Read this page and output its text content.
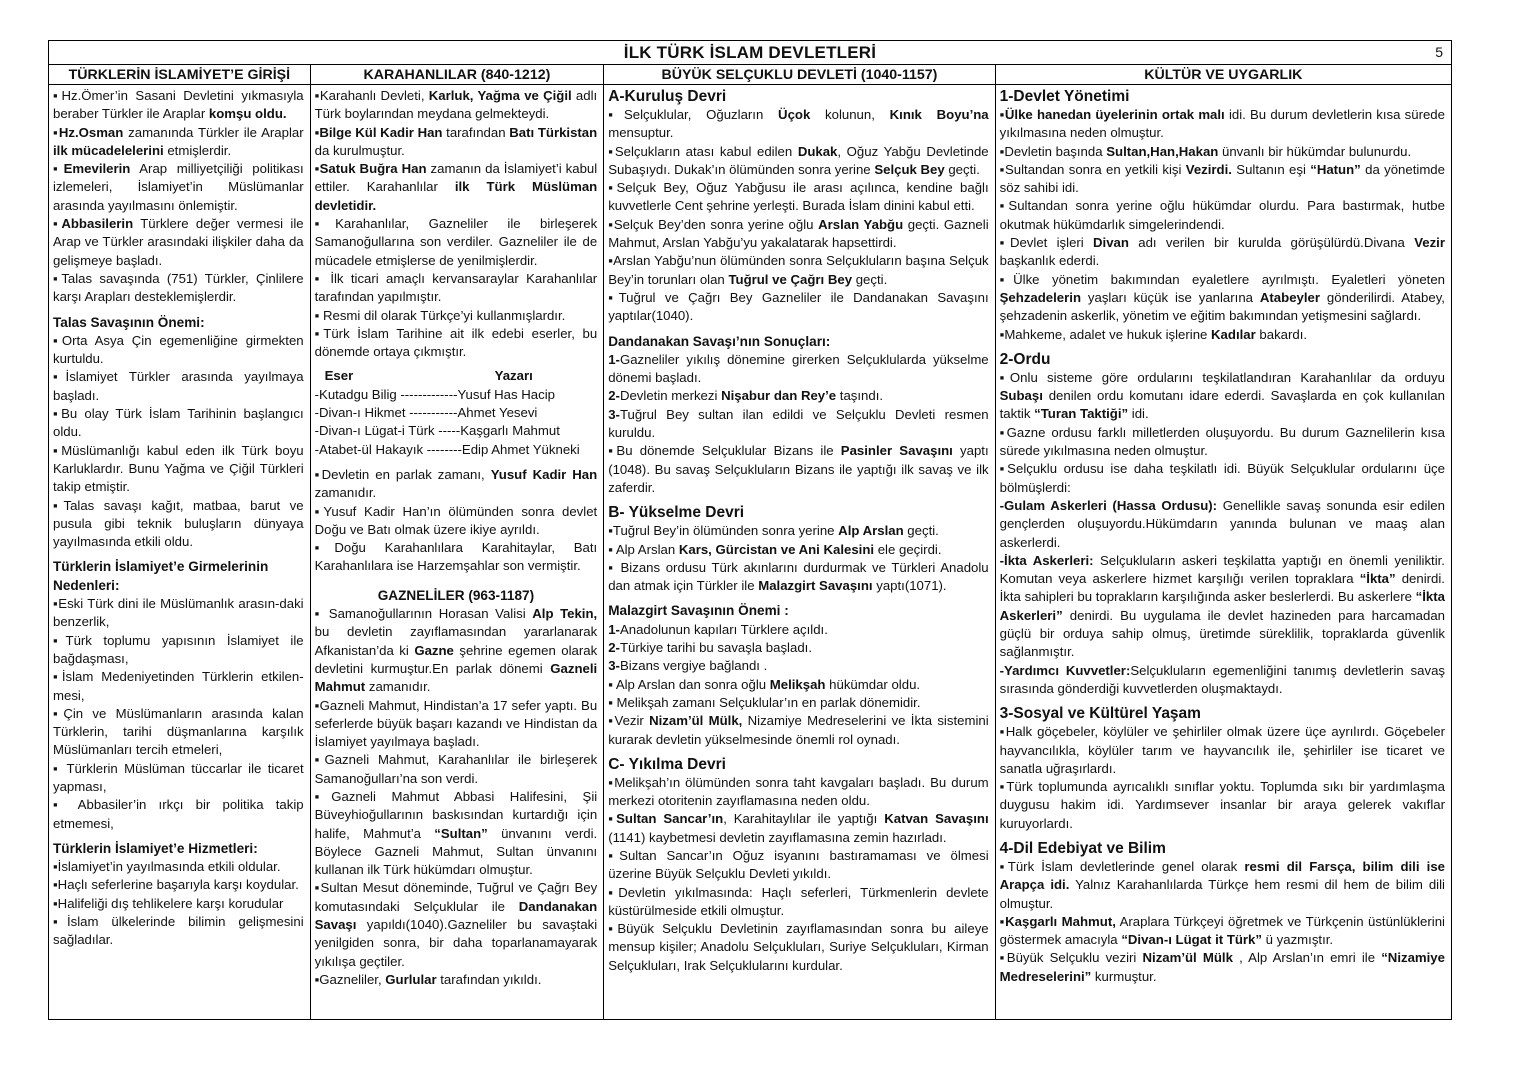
İLK TÜRK İSLAM DEVLETLERİ	5
TÜRKLERİN İSLAMİYET’E GİRİŞİ	KARAHANLILAR (840-1212)	BÜYÜK SELÇUKLU DEVLETİ (1040-1157)	KÜLTÜR VE UYGARLIK

▪Hz.Ömer’in Sasani Devletini yıkmasıyla beraber Türkler ile Araplar komşu oldu.

▪Hz.Osman zamanında Türkler ile Araplar ilk mücadelelerini etmişlerdir.

▪Emevilerin Arap milliyetçiliği politikası izlemeleri, İslamiyet’in Müslümanlar arasında yayılmasını önlemiştir.

▪Abbasilerin Türklere değer vermesi ile Arap ve Türkler arasındaki ilişkiler daha da gelişmeye başladı.

▪Talas savaşında (751) Türkler, Çinlilere karşı Arapları desteklemişlerdir.

Talas Savaşının Önemi:

▪Orta Asya Çin egemenliğine girmekten kurtuldu.

▪İslamiyet Türkler arasında yayılmaya başladı.

▪Bu olay Türk İslam Tarihinin başlangıcı oldu.

▪Müslümanlığı kabul eden ilk Türk boyu Karluklardır. Bunu Yağma ve Çiğil Türkleri takip etmiştir.

▪Talas savaşı kağıt, matbaa, barut ve pusula gibi teknik buluşların dünyaya yayılmasında etkili oldu.

Türklerin İslamiyet’e Girmelerinin Nedenleri:

▪Eski Türk dini ile Müslümanlık arasın-daki benzerlik,

▪Türk toplumu yapısının İslamiyet ile bağdaşması,

▪İslam Medeniyetinden Türklerin etkilen-mesi,

▪Çin ve Müslümanların arasında kalan Türklerin, tarihi düşmanlarına karşılık Müslümanları tercih etmeleri,

▪ Türklerin Müslüman tüccarlar ile ticaret yapması,

▪ Abbasiler’in ırkçı bir politika takip etmemesi,

Türklerin İslamiyet’e Hizmetleri:

▪İslamiyet’in yayılmasında etkili oldular.

▪Haçlı seferlerine başarıyla karşı koydular.

▪Halifeliği dış tehlikelere karşı korudular

▪İslam ülkelerinde bilimin gelişmesini sağladılar.

▪Karahanlı Devleti, Karluk, Yağma ve Çiğil adlı Türk boylarından meydana gelmekteydi.

▪Bilge Kül Kadir Han tarafından Batı Türkistan da kurulmuştur.

▪Satuk Buğra Han zamanın da İslamiyet’i kabul ettiler. Karahanlılar ilk Türk Müslüman devletidir.

▪Karahanlılar, Gazneliler ile birleşerek Samanoğullarına son verdiler. Gazneliler ile de mücadele etmişlerse de yenilmişlerdir.

▪ İlk ticari amaçlı kervansaraylar Karahanlılar tarafından yapılmıştır.

▪ Resmi dil olarak Türkçe’yi kullanmışlardır.

▪Türk İslam Tarihine ait ilk edebi eserler, bu dönemde ortaya çıkmıştır.

Eser	Yazarı

-Kutadgu Bilig -------------Yusuf Has Hacip

-Divan-ı Hikmet -----------Ahmet Yesevi

-Divan-ı Lügat-i Türk -----Kaşgarlı Mahmut

-Atabet-ül Hakayık --------Edip Ahmet Yükneki

▪Devletin en parlak zamanı, Yusuf Kadir Han zamanıdır.

▪Yusuf Kadir Han’ın ölümünden sonra devlet Doğu ve Batı olmak üzere ikiye ayrıldı.

▪Doğu Karahanlılara Karahitaylar, Batı Karahanlılara ise Harzemşahlar son vermiştir.

GAZNELİLER (963-1187)

▪ Samanoğullarının Horasan Valisi Alp Tekin, bu devletin zayıflamasından yararlanarak Afkanistan’da ki Gazne şehrine egemen olarak devletini kurmuştur.En parlak dönemi Gazneli Mahmut zamanıdır.

▪Gazneli Mahmut, Hindistan’a 17 sefer yaptı. Bu seferlerde büyük başarı kazandı ve Hindistan da İslamiyet yayılmaya başladı.

▪Gazneli Mahmut, Karahanlılar ile birleşerek Samanoğulları’na son verdi.

▪Gazneli Mahmut Abbasi Halifesini, Şii Büveyhioğullarının baskısından kurtardığı için halife, Mahmut’a “Sultan” ünvanını verdi. Böylece Gazneli Mahmut, Sultan ünvanını kullanan ilk Türk hükümdarı olmuştur.

▪Sultan Mesut döneminde, Tuğrul ve Çağrı Bey komutasındaki Selçuklular ile Dandanakan Savaşı yapıldı(1040).Gazneliler bu savaştaki yenilgiden sonra, bir daha toparlanamayarak yıkılışa geçtiler.

▪Gazneliler, Gurlular tarafından yıkıldı.

A-Kuruluş Devri

▪Selçuklular, Oğuzların Üçok kolunun, Kınık Boyu’na mensuptur.

▪Selçukların atası kabul edilen Dukak, Oğuz Yabğu Devletinde Subaşıydı. Dukak’ın ölümünden sonra yerine Selçuk Bey geçti.

▪Selçuk Bey, Oğuz Yabğusu ile arası açılınca, kendine bağlı kuvvetlerle Cent şehrine yerleşti. Burada İslam dinini kabul etti.

▪Selçuk Bey’den sonra yerine oğlu Arslan Yabğu geçti. Gazneli Mahmut, Arslan Yabğu’yu yakalatarak hapsettirdi.

▪Arslan Yabğu’nun ölümünden sonra Selçukluların başına Selçuk Bey’in torunları olan Tuğrul ve Çağrı Bey geçti.

▪Tuğrul ve Çağrı Bey Gazneliler ile Dandanakan Savaşını yaptılar(1040).

Dandanakan Savaşı’nın Sonuçları:

1-Gazneliler yıkılış dönemine girerken Selçuklularda yükselme dönemi başladı.

2-Devletin merkezi Nişabur dan Rey’e taşındı.

3-Tuğrul Bey sultan ilan edildi ve Selçuklu Devleti resmen kuruldu.

▪Bu dönemde Selçuklular Bizans ile Pasinler Savaşını yaptı (1048). Bu savaş Selçukluların Bizans ile yaptığı ilk savaş ve ilk zaferdir.

B- Yükselme Devri

▪Tuğrul Bey’in ölümünden sonra yerine Alp Arslan geçti.

▪ Alp Arslan Kars, Gürcistan ve Ani Kalesini ele geçirdi.

▪ Bizans ordusu Türk akınlarını durdurmak ve Türkleri Anadolu dan atmak için Türkler ile Malazgirt Savaşını yaptı(1071).

Malazgirt Savaşının Önemi :

1-Anadolunun kapıları Türklere açıldı.

2-Türkiye tarihi bu savaşla başladı.

3-Bizans vergiye bağlandı .

▪ Alp Arslan dan sonra oğlu Melikşah hükümdar oldu.

▪ Melikşah zamanı Selçuklular’ın en parlak dönemidir.

▪Vezir Nizam’ül Mülk, Nizamiye Medreselerini ve İkta sistemini kurarak devletin yükselmesinde önemli rol oynadı.

C- Yıkılma Devri

▪Melikşah’ın ölümünden sonra taht kavgaları başladı. Bu durum merkezi otoritenin zayıflamasına neden oldu.

▪Sultan Sancar’ın, Karahitaylılar ile yaptığı Katvan Savaşını (1141) kaybetmesi devletin zayıflamasına zemin hazırladı.

▪Sultan Sancar’ın Oğuz isyanını bastıramaması ve ölmesi üzerine Büyük Selçuklu Devleti yıkıldı.

▪Devletin yıkılmasında: Haçlı seferleri, Türkmenlerin devlete küstürülmeside etkili olmuştur.

▪Büyük Selçuklu Devletinin zayıflamasından sonra bu aileye mensup kişiler; Anadolu Selçukluları, Suriye Selçukluları, Kirman Selçukluları, Irak Selçuklularını kurdular.

1-Devlet Yönetimi

▪Ülke hanedan üyelerinin ortak malı idi. Bu durum devletlerin kısa sürede yıkılmasına neden olmuştur.

▪Devletin başında Sultan,Han,Hakan ünvanlı bir hükümdar bulunurdu.

▪Sultandan sonra en yetkili kişi Vezirdi. Sultanın eşi “Hatun” da yönetimde söz sahibi idi.

▪Sultandan sonra yerine oğlu hükümdar olurdu. Para bastırmak, hutbe okutmak hükümdarlık simgelerindendi.

▪Devlet işleri Divan adı verilen bir kurulda görüşülürdü.Divana Vezir başkanlık ederdi.

▪Ülke yönetim bakımından eyaletlere ayrılmıştı. Eyaletleri yöneten Şehzadelerin yaşları küçük ise yanlarına Atabeyler gönderilirdi. Atabey, şehzadenin askerlik, yönetim ve eğitim bakımından yetişmesini sağlardı.

▪Mahkeme, adalet ve hukuk işlerine Kadılar bakardı.

2-Ordu

▪Onlu sisteme göre ordularını teşkilatlandıran Karahanlılar da orduyu Subaşı denilen ordu komutanı idare ederdi. Savaşlarda en çok kullanılan taktik “Turan Taktiği” idi.

▪Gazne ordusu farklı milletlerden oluşuyordu. Bu durum Gaznelilerin kısa sürede yıkılmasına neden olmuştur.

▪Selçuklu ordusu ise daha teşkilatlı idi. Büyük Selçuklular ordularını üçe bölmüşlerdi:

-Gulam Askerleri (Hassa Ordusu): Genellikle savaş sonunda esir edilen gençlerden oluşuyordu.Hükümdarın yanında bulunan ve maaş alan askerlerdi.

-İkta Askerleri: Selçukluların askeri teşkilatta yaptığı en önemli yeniliktir. Komutan veya askerlere hizmet karşılığı verilen topraklara “İkta” denirdi. İkta sahipleri bu toprakların karşılığında asker beslerlerdi. Bu askerlere “İkta Askerleri” denirdi. Bu uygulama ile devlet hazineden para harcamadan güçlü bir orduya sahip olmuş, üretimde süreklilik, topraklarda güvenlik sağlanmıştır.

-Yardımcı Kuvvetler:Selçukluların egemenliğini tanımış devletlerin savaş sırasında gönderdiği kuvvetlerden oluşmaktaydı.

3-Sosyal ve Kültürel Yaşam

▪Halk göçebeler, köylüler ve şehirliler olmak üzere üçe ayrılırdı. Göçebeler hayvancılıkla, köylüler tarım ve hayvancılık ile, şehirliler ise ticaret ve sanatla uğraşırlardı.

▪Türk toplumunda ayrıcalıklı sınıflar yoktu. Toplumda sıkı bir yardımlaşma duygusu hakim idi. Yardımsever insanlar bir araya gelerek vakıflar kuruyorlardı.

4-Dil Edebiyat ve Bilim

▪Türk İslam devletlerinde genel olarak resmi dil Farsça, bilim dili ise Arapça idi. Yalnız Karahanlılarda Türkçe hem resmi dil hem de bilim dili olmuştur.

▪Kaşgarlı Mahmut, Araplara Türkçeyi öğretmek ve Türkçenin üstünlüklerini göstermek amacıyla “Divan-ı Lügat it Türk” ü yazmıştır.

▪Büyük Selçuklu veziri Nizam’ül Mülk , Alp Arslan’ın emri ile “Nizamiye Medreselerini” kurmuştur.
